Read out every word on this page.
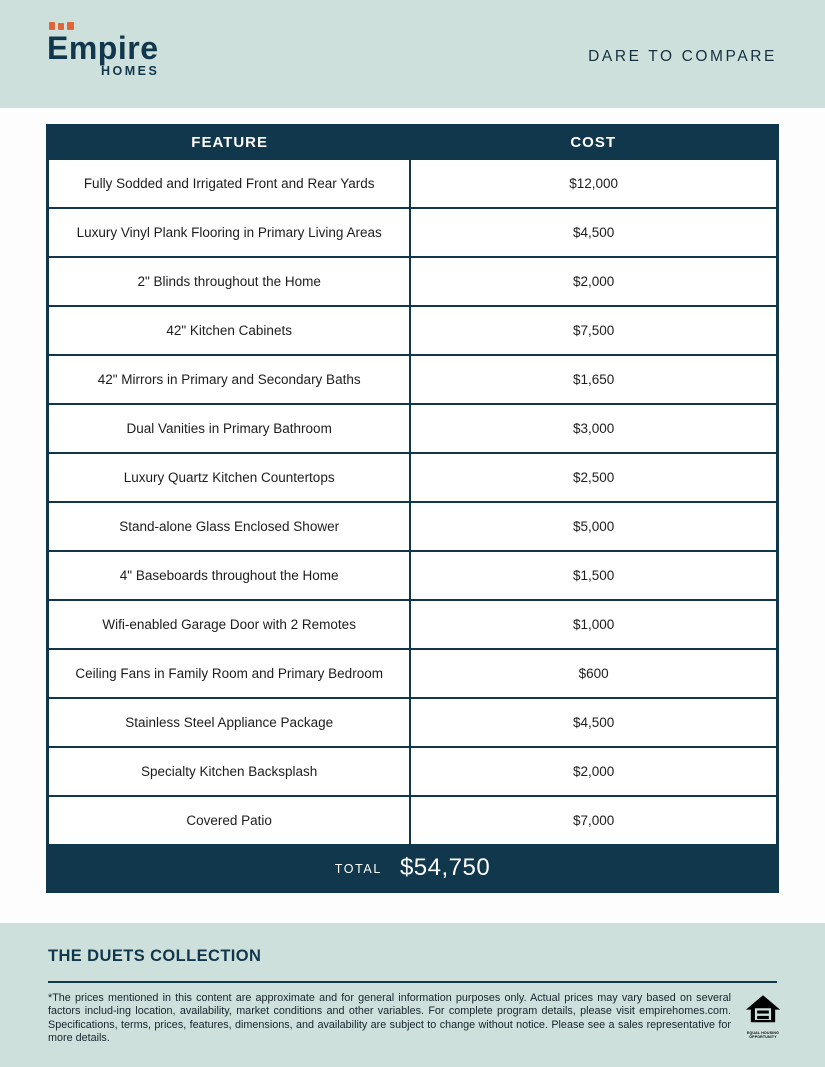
Empire
HOMES
DARE TO COMPARE
FEATURE	COST
Fully Sodded and Irrigated Front and Rear Yards	$12,000
Luxury Vinyl Plank Flooring in Primary Living Areas	$4,500
2" Blinds throughout the Home	$2,000
42" Kitchen Cabinets	$7,500
42" Mirrors in Primary and Secondary Baths	$1,650
Dual Vanities in Primary Bathroom	$3,000
Luxury Quartz Kitchen Countertops	$2,500
Stand-alone Glass Enclosed Shower	$5,000
4" Baseboards throughout the Home	$1,500
Wifi-enabled Garage Door with 2 Remotes	$1,000
Ceiling Fans in Family Room and Primary Bedroom	$600
Stainless Steel Appliance Package	$4,500
Specialty Kitchen Backsplash	$2,000
Covered Patio	$7,000

TOTAL $54,750	
THE DUETS COLLECTION

*The prices mentioned in this content are approximate and for general information purposes only. Actual prices may vary based on several factors includ-ing location, availability, market conditions and other variables. For complete program details, please visit empirehomes.com. Specifications, terms, prices, features, dimensions, and availability are subject to change without notice. Please see a sales representative for more details.	EQUAL HOUSING
OPPORTUNITY
